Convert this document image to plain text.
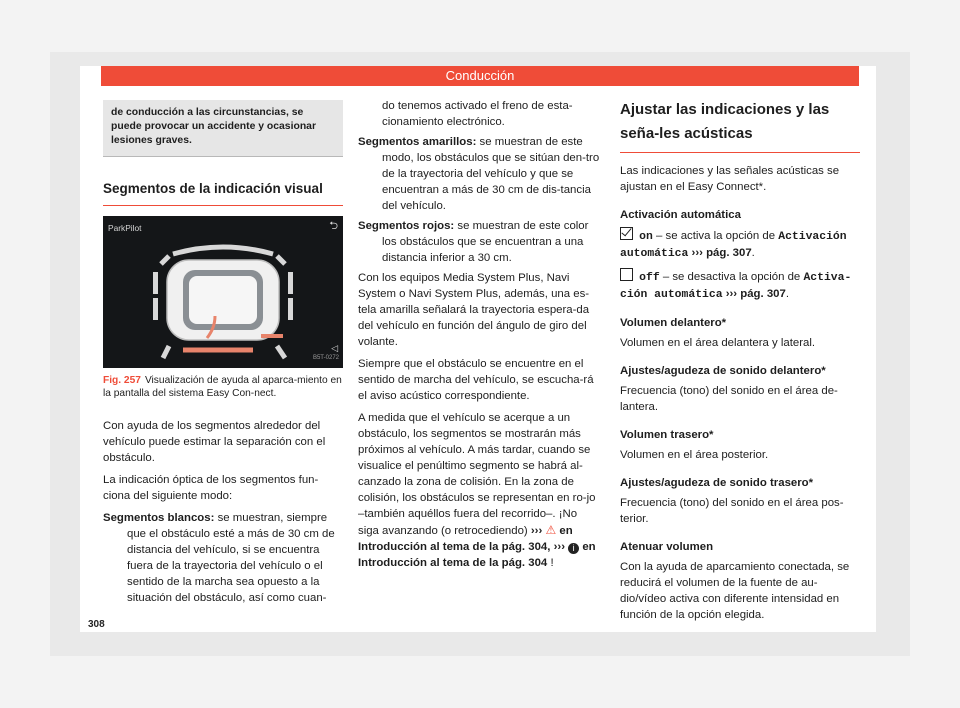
Conducción
de conducción a las circunstancias, se puede provocar un accidente y ocasionar lesiones graves.
Segmentos de la indicación visual
ParkPilot	⮌
◁
B5T-0272
Fig. 257 Visualización de ayuda al aparca-miento en la pantalla del sistema Easy Con-nect.

Con ayuda de los segmentos alrededor del vehículo puede estimar la separación con el obstáculo.

La indicación óptica de los segmentos fun-ciona del siguiente modo:

Segmentos blancos: se muestran, siempre que el obstáculo esté a más de 30 cm de distancia del vehículo, si se encuentra fuera de la trayectoria del vehículo o el sentido de la marcha sea opuesto a la situación del obstáculo, así como cuan-
do tenemos activado el freno de esta-cionamiento electrónico.
Segmentos amarillos: se muestran de este modo, los obstáculos que se sitúan den-tro de la trayectoria del vehículo y que se encuentran a más de 30 cm de dis-tancia del vehículo.
Segmentos rojos: se muestran de este color los obstáculos que se encuentran a una distancia inferior a 30 cm.

Con los equipos Media System Plus, Navi System o Navi System Plus, además, una es-tela amarilla señalará la trayectoria espera-da del vehículo en función del ángulo de giro del volante.

Siempre que el obstáculo se encuentre en el sentido de marcha del vehículo, se escucha-rá el aviso acústico correspondiente.

A medida que el vehículo se acerque a un obstáculo, los segmentos se mostrarán más próximos al vehículo. A más tardar, cuando se visualice el penúltimo segmento se habrá al-canzado la zona de colisión. En la zona de colisión, los obstáculos se representan en ro-jo –también aquéllos fuera del recorrido–. ¡No siga avanzando (o retrocediendo) ››› ⚠ en Introducción al tema de la pág. 304, ››› i en Introducción al tema de la pág. 304 !

Ajustar las indicaciones y las seña-les acústicas

Las indicaciones y las señales acústicas se ajustan en el Easy Connect*.

Activación automática

on – se activa la opción de Activación automática ››› pág. 307.

off – se desactiva la opción de Activa-ción automática ››› pág. 307.

Volumen delantero*

Volumen en el área delantera y lateral.

Ajustes/agudeza de sonido delantero*

Frecuencia (tono) del sonido en el área de-lantera.

Volumen trasero*

Volumen en el área posterior.

Ajustes/agudeza de sonido trasero*

Frecuencia (tono) del sonido en el área pos-terior.

Atenuar volumen

Con la ayuda de aparcamiento conectada, se reducirá el volumen de la fuente de au-dio/vídeo activa con diferente intensidad en función de la opción elegida.

308
